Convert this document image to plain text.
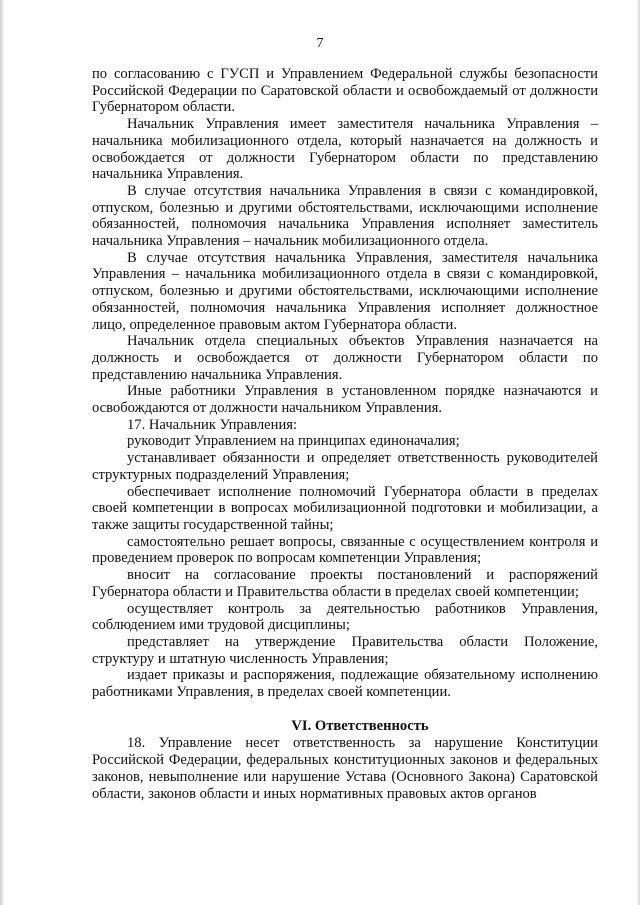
7

по согласованию с ГУСП и Управлением Федеральной службы безопасности Российской Федерации по Саратовской области и освобождаемый от должности Губернатором области.

Начальник Управления имеет заместителя начальника Управления – начальника мобилизационного отдела, который назначается на должность и освобождается от должности Губернатором области по представлению начальника Управления.

В случае отсутствия начальника Управления в связи с командировкой, отпуском, болезнью и другими обстоятельствами, исключающими исполнение обязанностей, полномочия начальника Управления исполняет заместитель начальника Управления – начальник мобилизационного отдела.

В случае отсутствия начальника Управления, заместителя начальника Управления – начальника мобилизационного отдела в связи с командировкой, отпуском, болезнью и другими обстоятельствами, исключающими исполнение обязанностей, полномочия начальника Управления исполняет должностное лицо, определенное правовым актом Губернатора области.

Начальник отдела специальных объектов Управления назначается на должность и освобождается от должности Губернатором области по представлению начальника Управления.

Иные работники Управления в установленном порядке назначаются и освобождаются от должности начальником Управления.

17. Начальник Управления:

руководит Управлением на принципах единоначалия;

устанавливает обязанности и определяет ответственность руководителей структурных подразделений Управления;

обеспечивает исполнение полномочий Губернатора области в пределах своей компетенции в вопросах мобилизационной подготовки и мобилизации, а также защиты государственной тайны;

самостоятельно решает вопросы, связанные с осуществлением контроля и проведением проверок по вопросам компетенции Управления;

вносит на согласование проекты постановлений и распоряжений Губернатора области и Правительства области в пределах своей компетенции;

осуществляет контроль за деятельностью работников Управления, соблюдением ими трудовой дисциплины;

представляет на утверждение Правительства области Положение, структуру и штатную численность Управления;

издает приказы и распоряжения, подлежащие обязательному исполнению работниками Управления, в пределах своей компетенции.

VI. Ответственность

18. Управление несет ответственность за нарушение Конституции Российской Федерации, федеральных конституционных законов и федеральных законов, невыполнение или нарушение Устава (Основного Закона) Саратовской области, законов области и иных нормативных правовых актов органов
